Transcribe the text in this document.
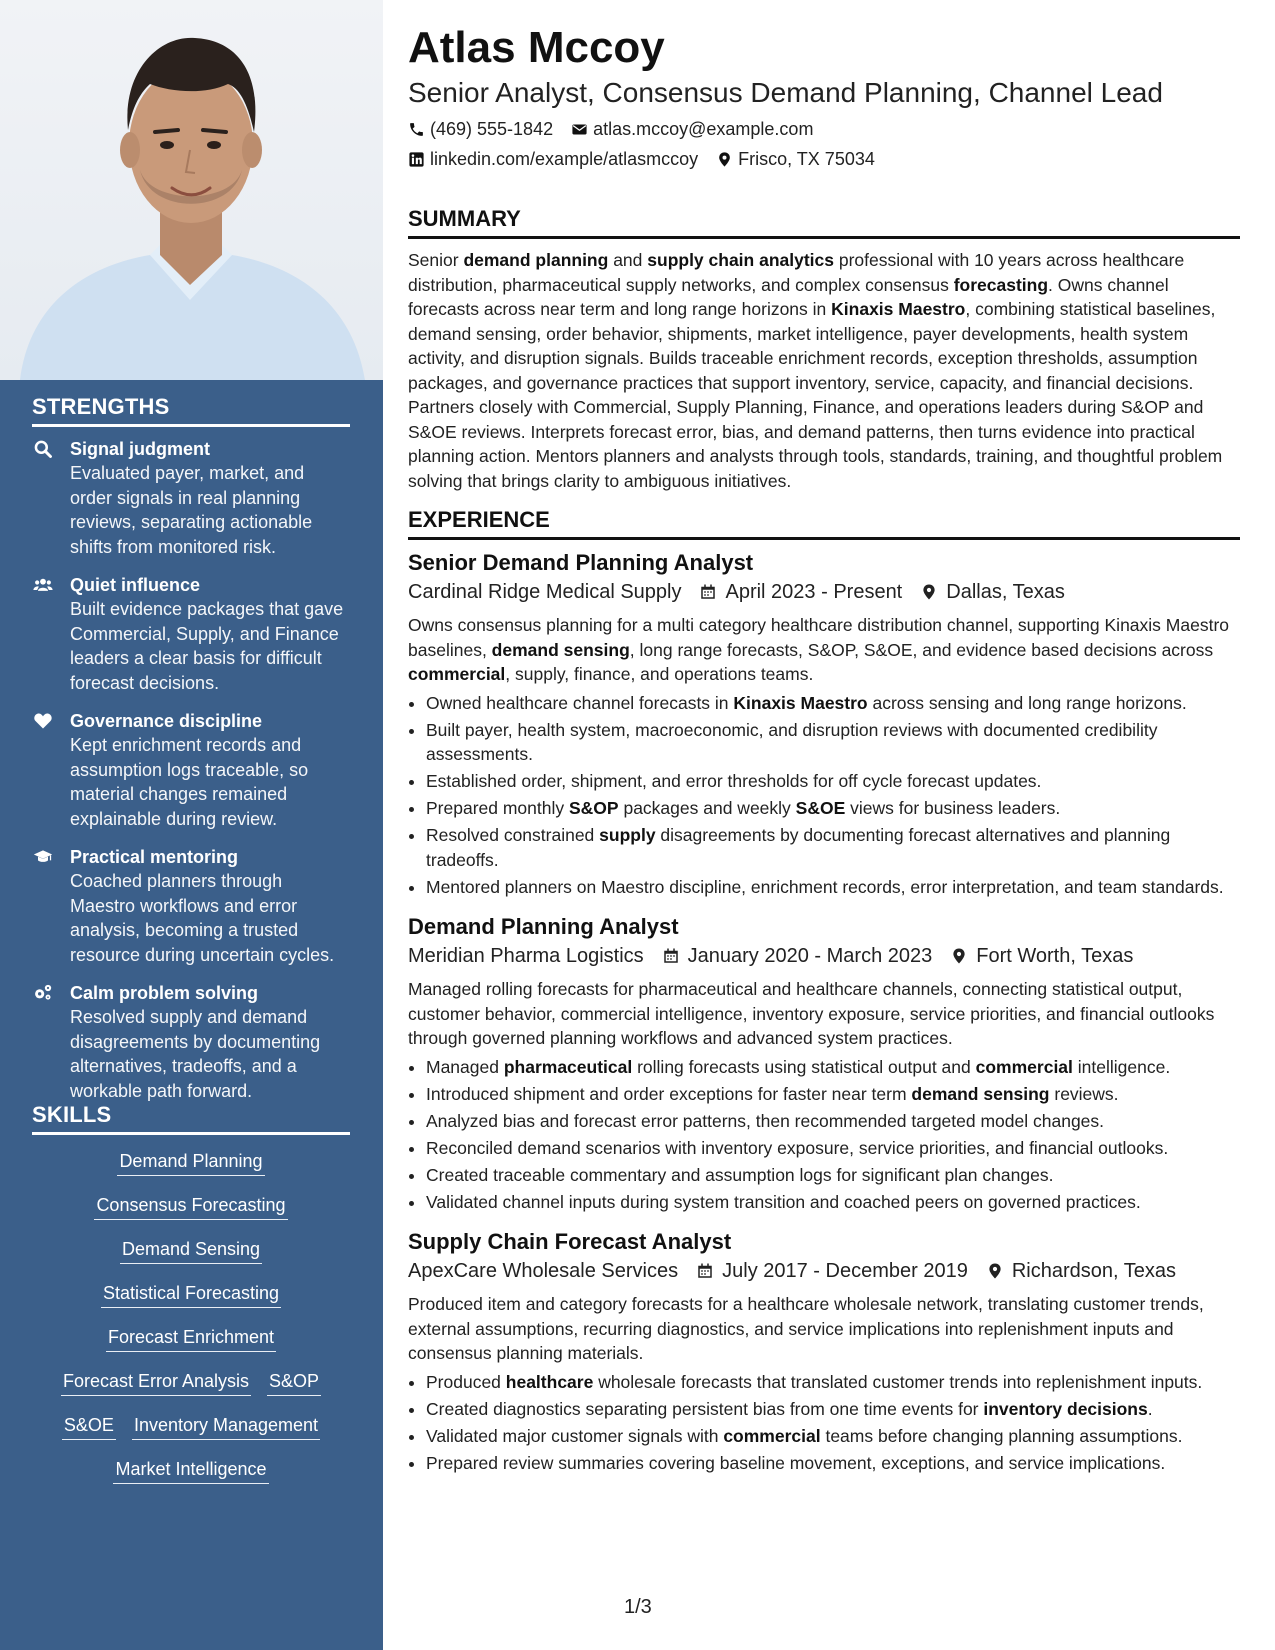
STRENGTHS
Signal judgment
Evaluated payer, market, and order signals in real planning reviews, separating actionable shifts from monitored risk.
Quiet influence
Built evidence packages that gave Commercial, Supply, and Finance leaders a clear basis for difficult forecast decisions.
Governance discipline
Kept enrichment records and assumption logs traceable, so material changes remained explainable during review.
Practical mentoring
Coached planners through Maestro workflows and error analysis, becoming a trusted resource during uncertain cycles.
Calm problem solving
Resolved supply and demand disagreements by documenting alternatives, tradeoffs, and a workable path forward.
SKILLS
Demand Planning
Consensus Forecasting
Demand Sensing
Statistical Forecasting
Forecast Enrichment
Forecast Error Analysis S&OP
S&OE Inventory Management
Market Intelligence
Atlas Mccoy
Senior Analyst, Consensus Demand Planning, Channel Lead
(469) 555-1842 atlas.mccoy@example.com
linkedin.com/example/atlasmccoy Frisco, TX 75034
SUMMARY

Senior demand planning and supply chain analytics professional with 10 years across healthcare distribution, pharmaceutical supply networks, and complex consensus forecasting. Owns channel forecasts across near term and long range horizons in Kinaxis Maestro, combining statistical baselines, demand sensing, order behavior, shipments, market intelligence, payer developments, health system activity, and disruption signals. Builds traceable enrichment records, exception thresholds, assumption packages, and governance practices that support inventory, service, capacity, and financial decisions. Partners closely with Commercial, Supply Planning, Finance, and operations leaders during S&OP and S&OE reviews. Interprets forecast error, bias, and demand patterns, then turns evidence into practical planning action. Mentors planners and analysts through tools, standards, training, and thoughtful problem solving that brings clarity to ambiguous initiatives.

EXPERIENCE
Senior Demand Planning Analyst
Cardinal Ridge Medical Supply April 2023 - Present Dallas, Texas

Owns consensus planning for a multi category healthcare distribution channel, supporting Kinaxis Maestro baselines, demand sensing, long range forecasts, S&OP, S&OE, and evidence based decisions across commercial, supply, finance, and operations teams.

• Owned healthcare channel forecasts in Kinaxis Maestro across sensing and long range horizons.
• Built payer, health system, macroeconomic, and disruption reviews with documented credibility assessments.
• Established order, shipment, and error thresholds for off cycle forecast updates.
• Prepared monthly S&OP packages and weekly S&OE views for business leaders.
• Resolved constrained supply disagreements by documenting forecast alternatives and planning tradeoffs.
• Mentored planners on Maestro discipline, enrichment records, error interpretation, and team standards.
Demand Planning Analyst
Meridian Pharma Logistics January 2020 - March 2023 Fort Worth, Texas

Managed rolling forecasts for pharmaceutical and healthcare channels, connecting statistical output, customer behavior, commercial intelligence, inventory exposure, service priorities, and financial outlooks through governed planning workflows and advanced system practices.

• Managed pharmaceutical rolling forecasts using statistical output and commercial intelligence.
• Introduced shipment and order exceptions for faster near term demand sensing reviews.
• Analyzed bias and forecast error patterns, then recommended targeted model changes.
• Reconciled demand scenarios with inventory exposure, service priorities, and financial outlooks.
• Created traceable commentary and assumption logs for significant plan changes.
• Validated channel inputs during system transition and coached peers on governed practices.
Supply Chain Forecast Analyst
ApexCare Wholesale Services July 2017 - December 2019 Richardson, Texas

Produced item and category forecasts for a healthcare wholesale network, translating customer trends, external assumptions, recurring diagnostics, and service implications into replenishment inputs and consensus planning materials.

• Produced healthcare wholesale forecasts that translated customer trends into replenishment inputs.
• Created diagnostics separating persistent bias from one time events for inventory decisions.
• Validated major customer signals with commercial teams before changing planning assumptions.
• Prepared review summaries covering baseline movement, exceptions, and service implications.
1/3
